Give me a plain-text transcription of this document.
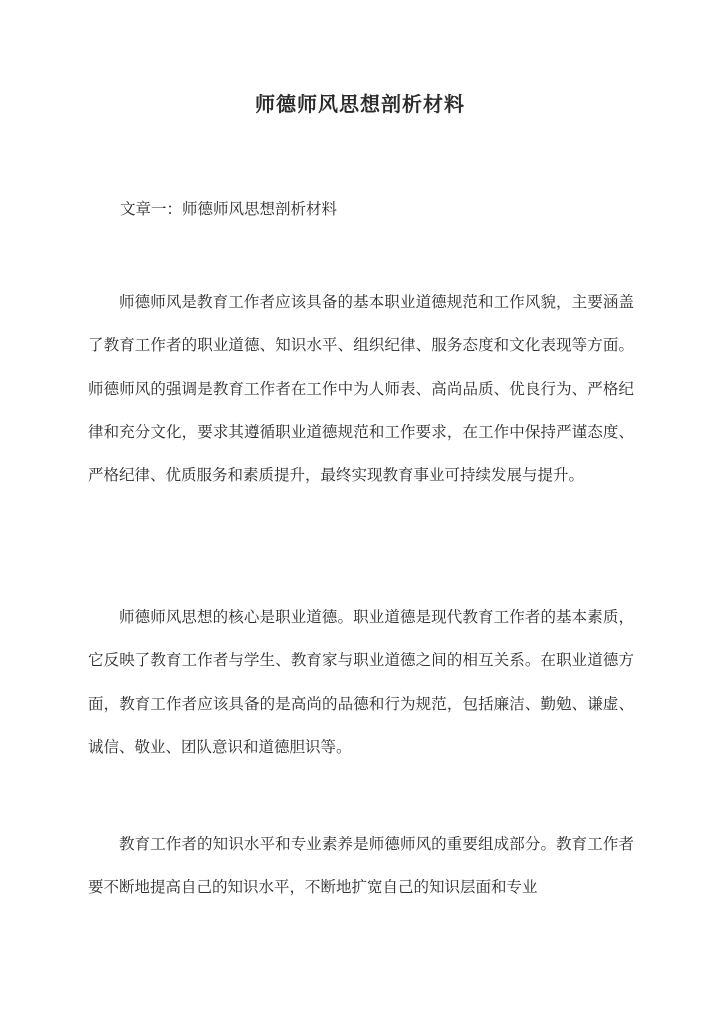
师德师风思想剖析材料

文章一：师德师风思想剖析材料

师德师风是教育工作者应该具备的基本职业道德规范和工作风貌，主要涵盖了教育工作者的职业道德、知识水平、组织纪律、服务态度和文化表现等方面。师德师风的强调是教育工作者在工作中为人师表、高尚品质、优良行为、严格纪律和充分文化，要求其遵循职业道德规范和工作要求，在工作中保持严谨态度、严格纪律、优质服务和素质提升，最终实现教育事业可持续发展与提升。

师德师风思想的核心是职业道德。职业道德是现代教育工作者的基本素质，它反映了教育工作者与学生、教育家与职业道德之间的相互关系。在职业道德方面，教育工作者应该具备的是高尚的品德和行为规范，包括廉洁、勤勉、谦虚、诚信、敬业、团队意识和道德胆识等。

教育工作者的知识水平和专业素养是师德师风的重要组成部分。教育工作者要不断地提高自己的知识水平，不断地扩宽自己的知识层面和专业
